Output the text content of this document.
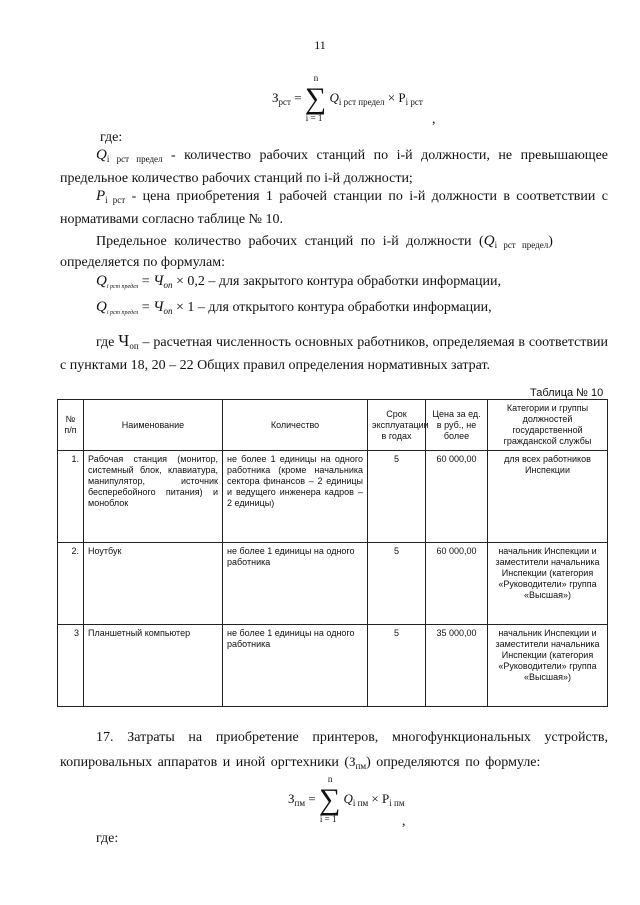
11
$З_{рст}$ = ∑
n
i = 1
$Q_{i рст предел} \times P_{i рст}$
,
где:
$Q_{i рст предел}$ - количество рабочих станций по i-й должности, не превышающее предельное количество рабочих станций по i-й должности;
$P_{i рст}$ - цена приобретения 1 рабочей станции по i-й должности в соответствии с нормативами согласно таблице № 10.
Предельное количество рабочих станций по i-й должности $(Q_{i рст предел})$
определяется по формулам:
$Q_{i рст предел} = Ч_{оп} \times 0,2$ – для закрытого контура обработки информации,
$Q_{i рст предел} = Ч_{оп} \times 1$ – для открытого контура обработки информации,
где $Ч_{оп}$ – расчетная численность основных работников, определяемая в соответствии с пунктами 18, 20 – 22 Общих правил определения нормативных затрат.
Таблица № 10
№ п/п	Наименование	Количество	Срок эксплуатации в годах	Цена за ед. в руб., не более	Категории и группы должностей государственной гражданской службы
1.	Рабочая станция (монитор, системный блок, клавиатура, манипулятор, источник бесперебойного питания) и моноблок	не более 1 единицы на одного работника (кроме начальника сектора финансов – 2 единицы и ведущего инженера кадров – 2 единицы)	5	60 000,00	для всех работников Инспекции
2.	Ноутбук	не более 1 единицы на одного работника	5	60 000,00	начальник Инспекции и заместители начальника Инспекции (категория «Руководители» группа «Высшая»)
3	Планшетный компьютер	не более 1 единицы на одного работника	5	35 000,00	начальник Инспекции и заместители начальника Инспекции (категория «Руководители» группа «Высшая»)
17. Затраты на приобретение принтеров, многофункциональных устройств, копировальных аппаратов и иной оргтехники $(З_{пм})$ определяются по формуле:
$З_{пм}$ = ∑
n
i = 1
$Q_{i пм} \times P_{i пм}$
,
где:
